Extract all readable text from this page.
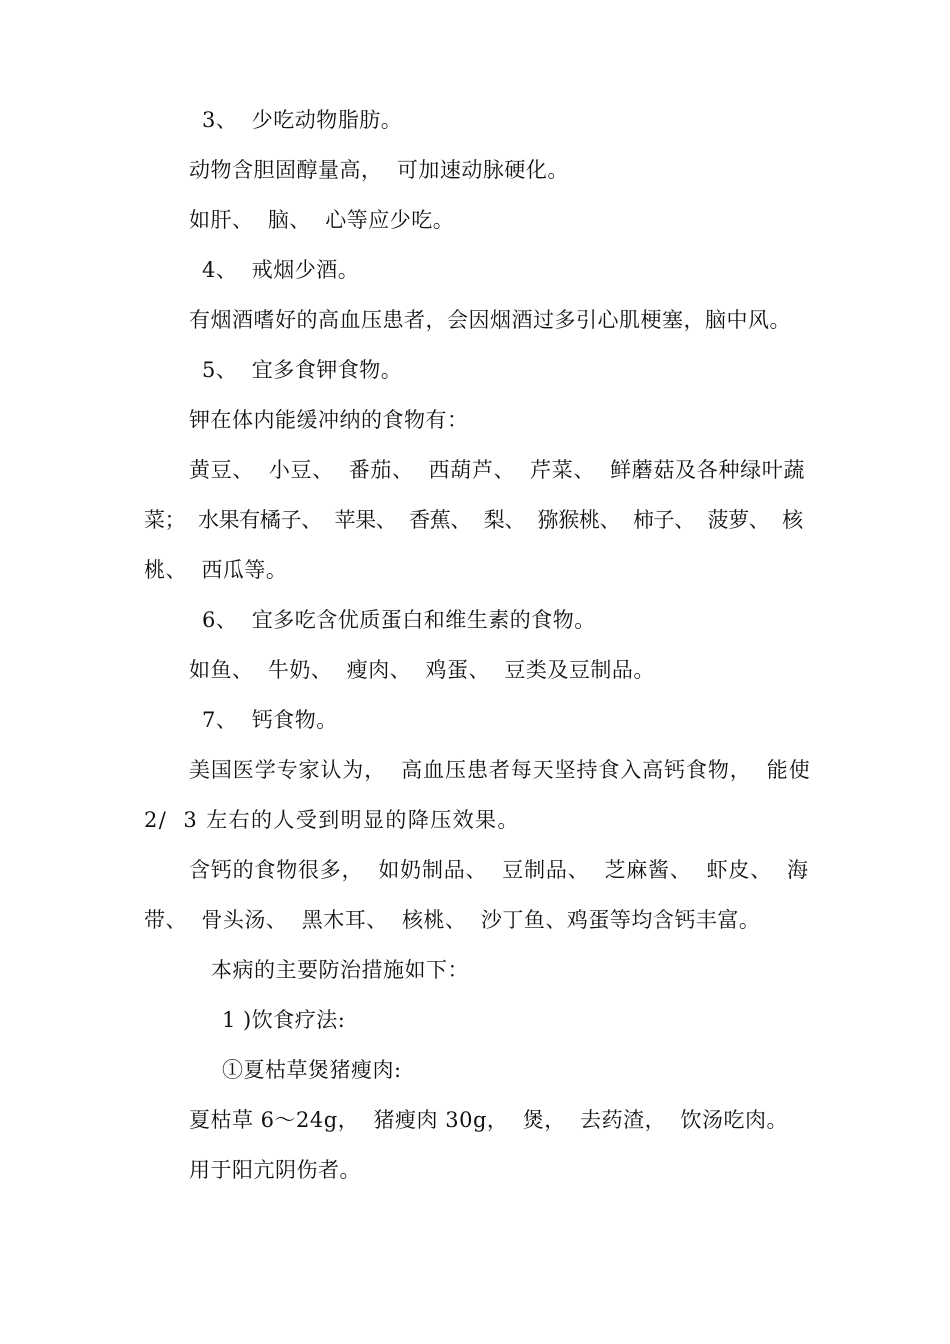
3、  少吃动物脂肪。
动物含胆固醇量高，  可加速动脉硬化。
如肝、  脑、  心等应少吃。
4、  戒烟少酒。
有烟酒嗜好的高血压患者，会因烟酒过多引心肌梗塞，脑中风。
5、  宜多食钾食物。
钾在体内能缓冲纳的食物有：
黄豆、  小豆、  番茄、  西葫芦、  芹菜、  鲜蘑菇及各种绿叶蔬
菜；  水果有橘子、  苹果、  香蕉、  梨、  猕猴桃、  柿子、  菠萝、  核
桃、  西瓜等。
6、  宜多吃含优质蛋白和维生素的食物。
如鱼、  牛奶、  瘦肉、  鸡蛋、  豆类及豆制品。
7、  钙食物。
美国医学专家认为，  高血压患者每天坚持食入高钙食物，  能使
2/  3 左右的人受到明显的降压效果。
含钙的食物很多，  如奶制品、  豆制品、  芝麻酱、  虾皮、  海
带、  骨头汤、  黑木耳、  核桃、  沙丁鱼、鸡蛋等均含钙丰富。
本病的主要防治措施如下：
1 )饮食疗法:
①夏枯草煲猪瘦肉:
夏枯草 6～24g，  猪瘦肉 30g，  煲，  去药渣，  饮汤吃肉。
用于阳亢阴伤者。
